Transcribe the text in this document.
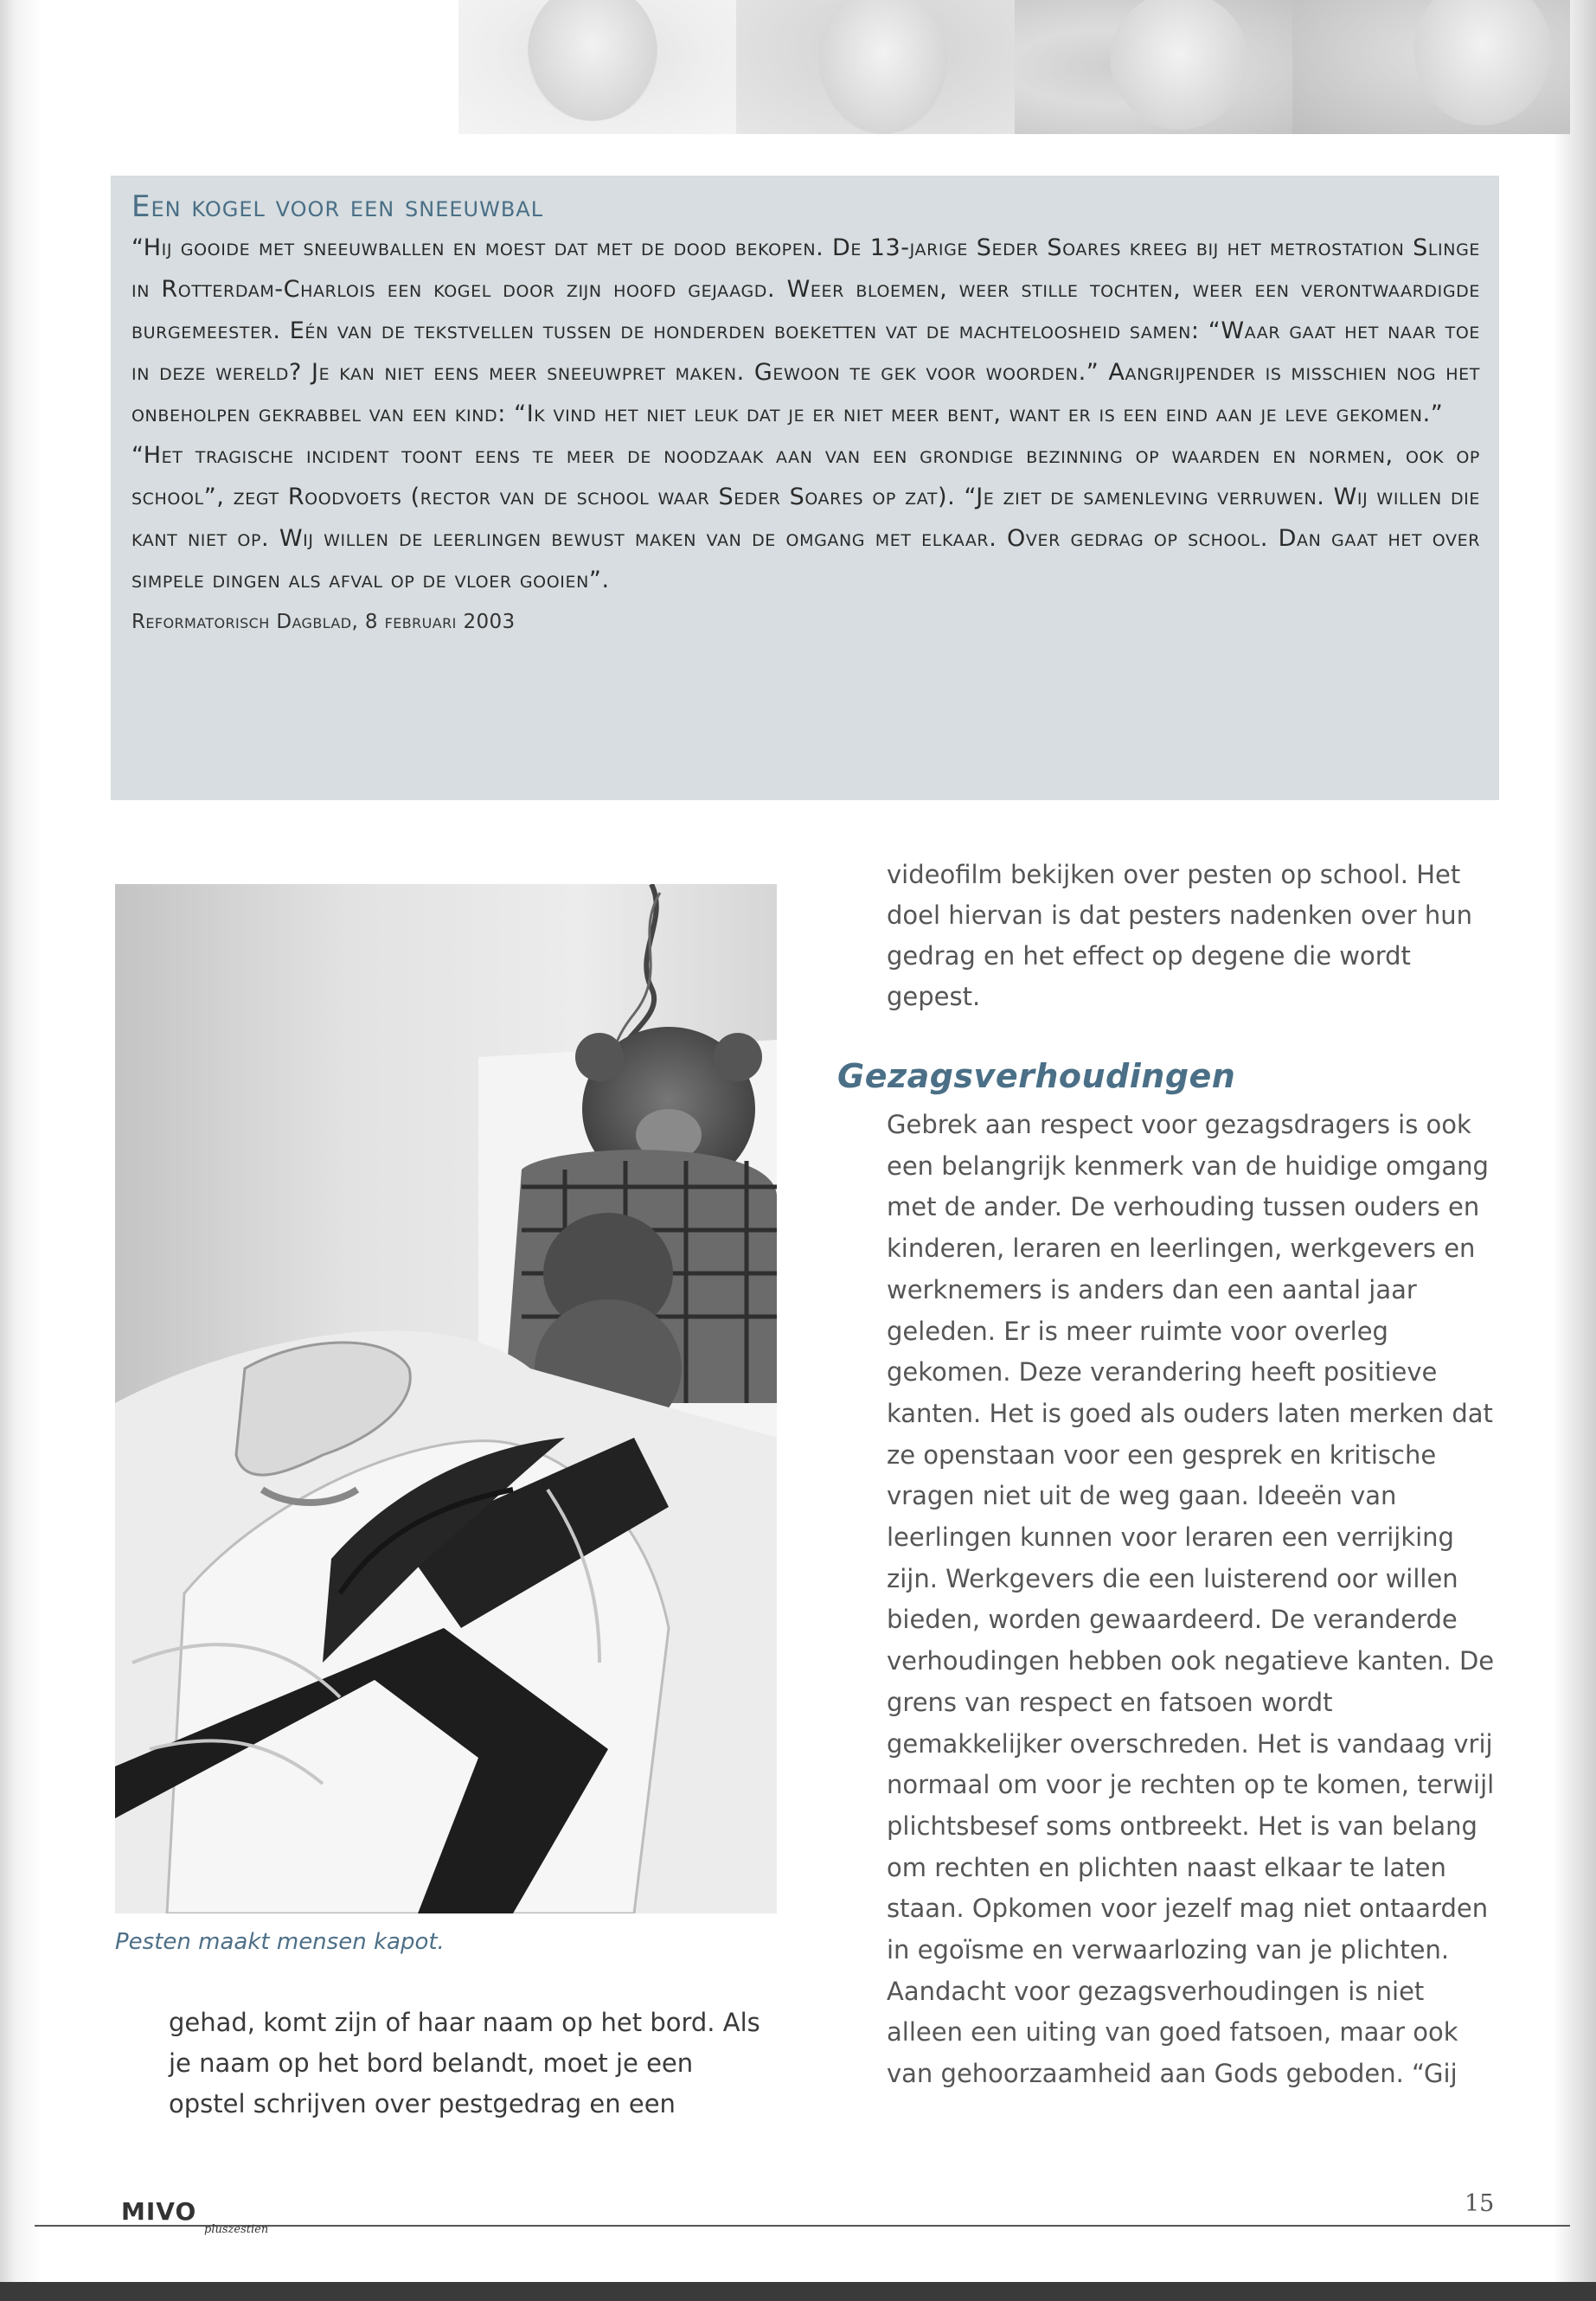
Een kogel voor een sneeuwbal

“Hij gooide met sneeuwballen en moest dat met de dood bekopen. De 13-jarige Seder Soares kreeg bij het metrostation Slinge in Rotterdam-Charlois een kogel door zijn hoofd gejaagd. Weer bloemen, weer stille tochten, weer een verontwaardigde burgemeester. Eén van de tekstvellen tussen de honderden boeketten vat de machteloosheid samen: “Waar gaat het naar toe in deze wereld? Je kan niet eens meer sneeuwpret maken. Gewoon te gek voor woorden.” Aangrijpender is misschien nog het onbeholpen gekrabbel van een kind: “Ik vind het niet leuk dat je er niet meer bent, want er is een eind aan je leve gekomen.”

“Het tragische incident toont eens te meer de noodzaak aan van een grondige bezinning op waarden en normen, ook op school”, zegt Roodvoets (rector van de school waar Seder Soares op zat). “Je ziet de samenleving verruwen. Wij willen die kant niet op. Wij willen de leerlingen bewust maken van de omgang met elkaar. Over gedrag op school. Dan gaat het over simpele dingen als afval op de vloer gooien”.

Reformatorisch Dagblad, 8 februari 2003
Pesten maakt mensen kapot.

gehad, komt zijn of haar naam op het bord. Als je naam op het bord belandt, moet je een opstel schrijven over pestgedrag en een

videofilm bekijken over pesten op school. Het doel hiervan is dat pesters nadenken over hun gedrag en het effect op degene die wordt gepest.

Gezagsverhoudingen

Gebrek aan respect voor gezagsdragers is ook een belangrijk kenmerk van de huidige omgang met de ander. De verhouding tussen ouders en kinderen, leraren en leerlingen, werkgevers en werknemers is anders dan een aantal jaar geleden. Er is meer ruimte voor overleg gekomen. Deze verandering heeft positieve kanten. Het is goed als ouders laten merken dat ze openstaan voor een gesprek en kritische vragen niet uit de weg gaan. Ideeën van leerlingen kunnen voor leraren een verrijking zijn. Werkgevers die een luisterend oor willen bieden, worden gewaardeerd. De veranderde verhoudingen hebben ook negatieve kanten. De grens van respect en fatsoen wordt gemakkelijker overschreden. Het is vandaag vrij normaal om voor je rechten op te komen, terwijl plichtsbesef soms ontbreekt. Het is van belang om rechten en plichten naast elkaar te laten staan. Opkomen voor jezelf mag niet ontaarden in egoïsme en verwaarlozing van je plichten. Aandacht voor gezagsverhoudingen is niet alleen een uiting van goed fatsoen, maar ook van gehoorzaamheid aan Gods geboden. “Gij

MIVO
pluszestien
15
